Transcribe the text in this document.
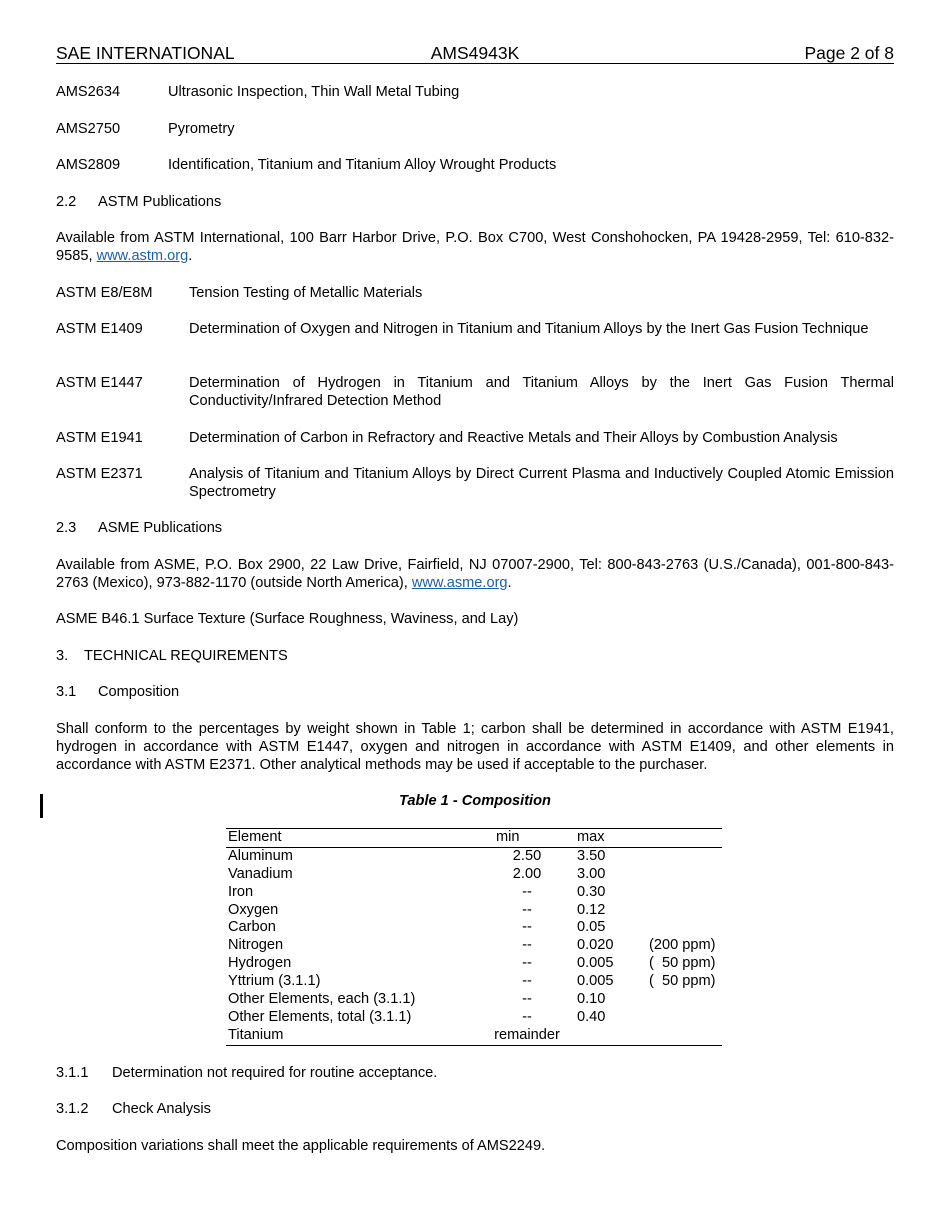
SAE INTERNATIONAL	AMS4943K	Page 2 of 8
AMS2634	Ultrasonic Inspection, Thin Wall Metal Tubing
AMS2750	Pyrometry
AMS2809	Identification, Titanium and Titanium Alloy Wrought Products
2.2 ASTM Publications
Available from ASTM International, 100 Barr Harbor Drive, P.O. Box C700, West Conshohocken, PA 19428-2959, Tel: 610-832-9585, www.astm.org.
ASTM E8/E8M Tension Testing of Metallic Materials
ASTM E1409	Determination of Oxygen and Nitrogen in Titanium and Titanium Alloys by the Inert Gas Fusion Technique
ASTM E1447	Determination of Hydrogen in Titanium and Titanium Alloys by the Inert Gas Fusion Thermal Conductivity/Infrared Detection Method
ASTM E1941	Determination of Carbon in Refractory and Reactive Metals and Their Alloys by Combustion Analysis
ASTM E2371	Analysis of Titanium and Titanium Alloys by Direct Current Plasma and Inductively Coupled Atomic Emission Spectrometry
2.3 ASME Publications
Available from ASME, P.O. Box 2900, 22 Law Drive, Fairfield, NJ 07007-2900, Tel: 800-843-2763 (U.S./Canada), 001-800-843-2763 (Mexico), 973-882-1170 (outside North America), www.asme.org.
ASME B46.1 Surface Texture (Surface Roughness, Waviness, and Lay)
3. TECHNICAL REQUIREMENTS
3.1 Composition
Shall conform to the percentages by weight shown in Table 1; carbon shall be determined in accordance with ASTM E1941, hydrogen in accordance with ASTM E1447, oxygen and nitrogen in accordance with ASTM E1409, and other elements in accordance with ASTM E2371. Other analytical methods may be used if acceptable to the purchaser.
Table 1 - Composition
Element	min	max
Aluminum	2.50	3.50
Vanadium	2.00	3.00
Iron	--	0.30
Oxygen	--	0.12
Carbon	--	0.05
Nitrogen	--	0.020 (200 ppm)
Hydrogen	--	0.005 (  50 ppm)
Yttrium (3.1.1)	--	0.005 (  50 ppm)
Other Elements, each (3.1.1)	--	0.10
Other Elements, total (3.1.1)	--	0.40
Titanium	remainder
3.1.1 Determination not required for routine acceptance.
3.1.2 Check Analysis
Composition variations shall meet the applicable requirements of AMS2249.
